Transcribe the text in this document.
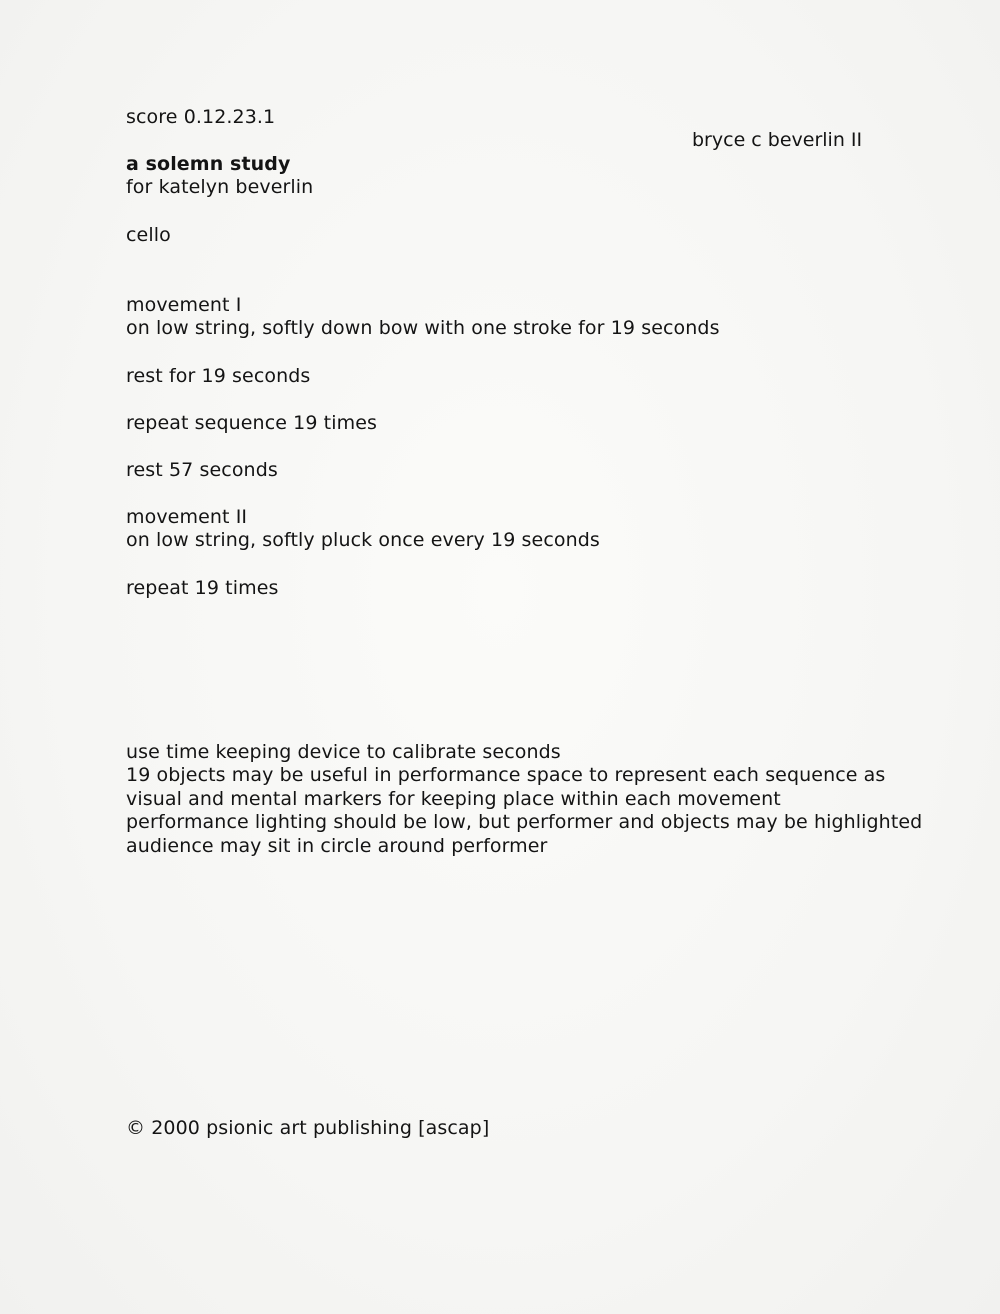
score 0.12.23.1
bryce c beverlin II
a solemn study
for katelyn beverlin
cello
movement I
on low string, softly down bow with one stroke for 19 seconds
rest for 19 seconds
repeat sequence 19 times
rest 57 seconds
movement II
on low string, softly pluck once every 19 seconds
repeat 19 times
use time keeping device to calibrate seconds
19 objects may be useful in performance space to represent each sequence as
visual and mental markers for keeping place within each movement
performance lighting should be low, but performer and objects may be highlighted
audience may sit in circle around performer
© 2000 psionic art publishing [ascap]
